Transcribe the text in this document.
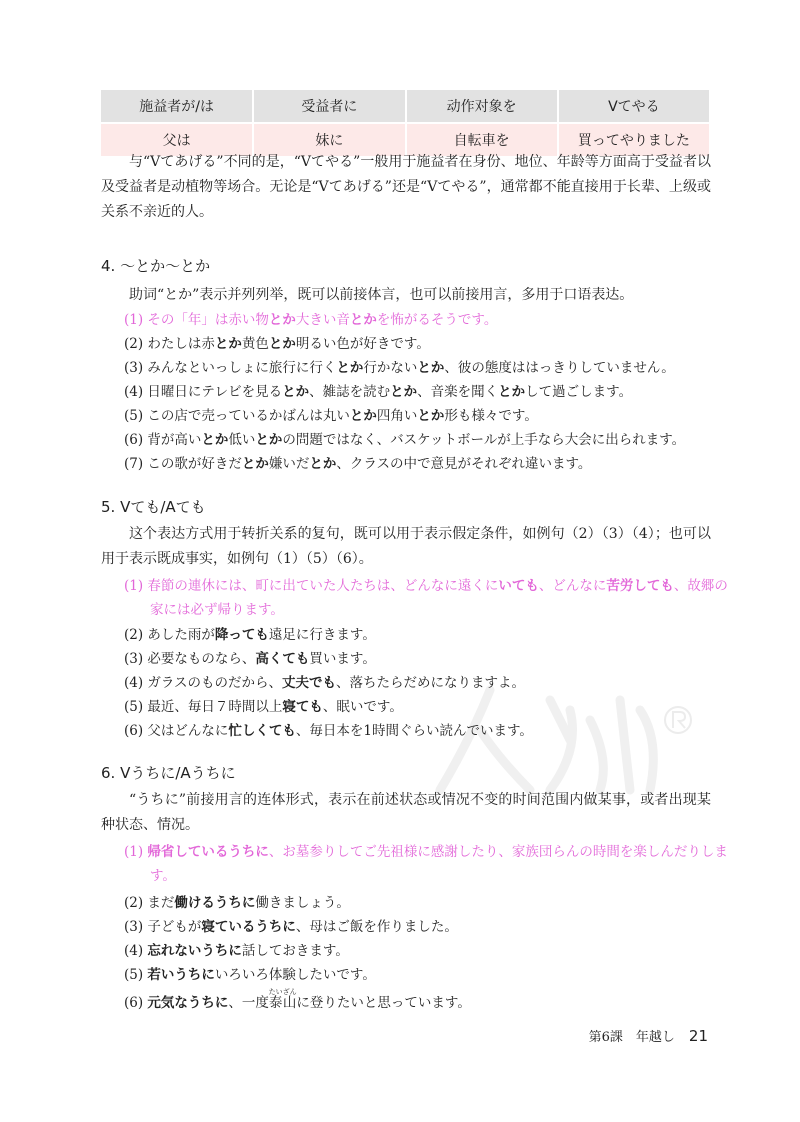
施益者が/は	受益者に	动作对象を	Vてやる
父は	妹に	自転車を	買ってやりました
与“Vてあげる”不同的是，“Vてやる”一般用于施益者在身份、地位、年龄等方面高于受益者以及受益者是动植物等场合。无论是“Vてあげる”还是“Vてやる”，通常都不能直接用于长辈、上级或关系不亲近的人。
4. ～とか～とか
助词“とか”表示并列列举，既可以前接体言，也可以前接用言，多用于口语表达。
(1) その「年」は赤い物とか大きい音とかを怖がるそうです。
(2) わたしは赤とか黄色とか明るい色が好きです。
(3) みんなといっしょに旅行に行くとか行かないとか、彼の態度ははっきりしていません。
(4) 日曜日にテレビを見るとか、雑誌を読むとか、音楽を聞くとかして過ごします。
(5) この店で売っているかばんは丸いとか四角いとか形も様々です。
(6) 背が高いとか低いとかの問題ではなく、バスケットボールが上手なら大会に出られます。
(7) この歌が好きだとか嫌いだとか、クラスの中で意見がそれぞれ違います。
5. Vても/Aても
这个表达方式用于转折关系的复句，既可以用于表示假定条件，如例句（2）（3）（4）；也可以用于表示既成事实，如例句（1）（5）（6）。
(1) 春節の連休には、町に出ていた人たちは、どんなに遠くにいても、どんなに苦労しても、故郷の家には必ず帰ります。
(2) あした雨が降っても遠足に行きます。
(3) 必要なものなら、高くても買います。
(4) ガラスのものだから、丈夫でも、落ちたらだめになりますよ。
(5) 最近、毎日７時間以上寝ても、眠いです。
(6) 父はどんなに忙しくても、毎日本を1時間ぐらい読んでいます。
6. Vうちに/Aうちに
“うちに”前接用言的连体形式，表示在前述状态或情况不变的时间范围内做某事，或者出现某种状态、情况。
(1) 帰省しているうちに、お墓参りしてご先祖様に感謝したり、家族団らんの時間を楽しんだりします。
(2) まだ働けるうちに働きましょう。
(3) 子どもが寝ているうちに、母はご飯を作りました。
(4) 忘れないうちに話しておきます。
(5) 若いうちにいろいろ体験したいです。
(6) 元気なうちに、一度泰山たいざんに登りたいと思っています。
第6課　年越し 21
